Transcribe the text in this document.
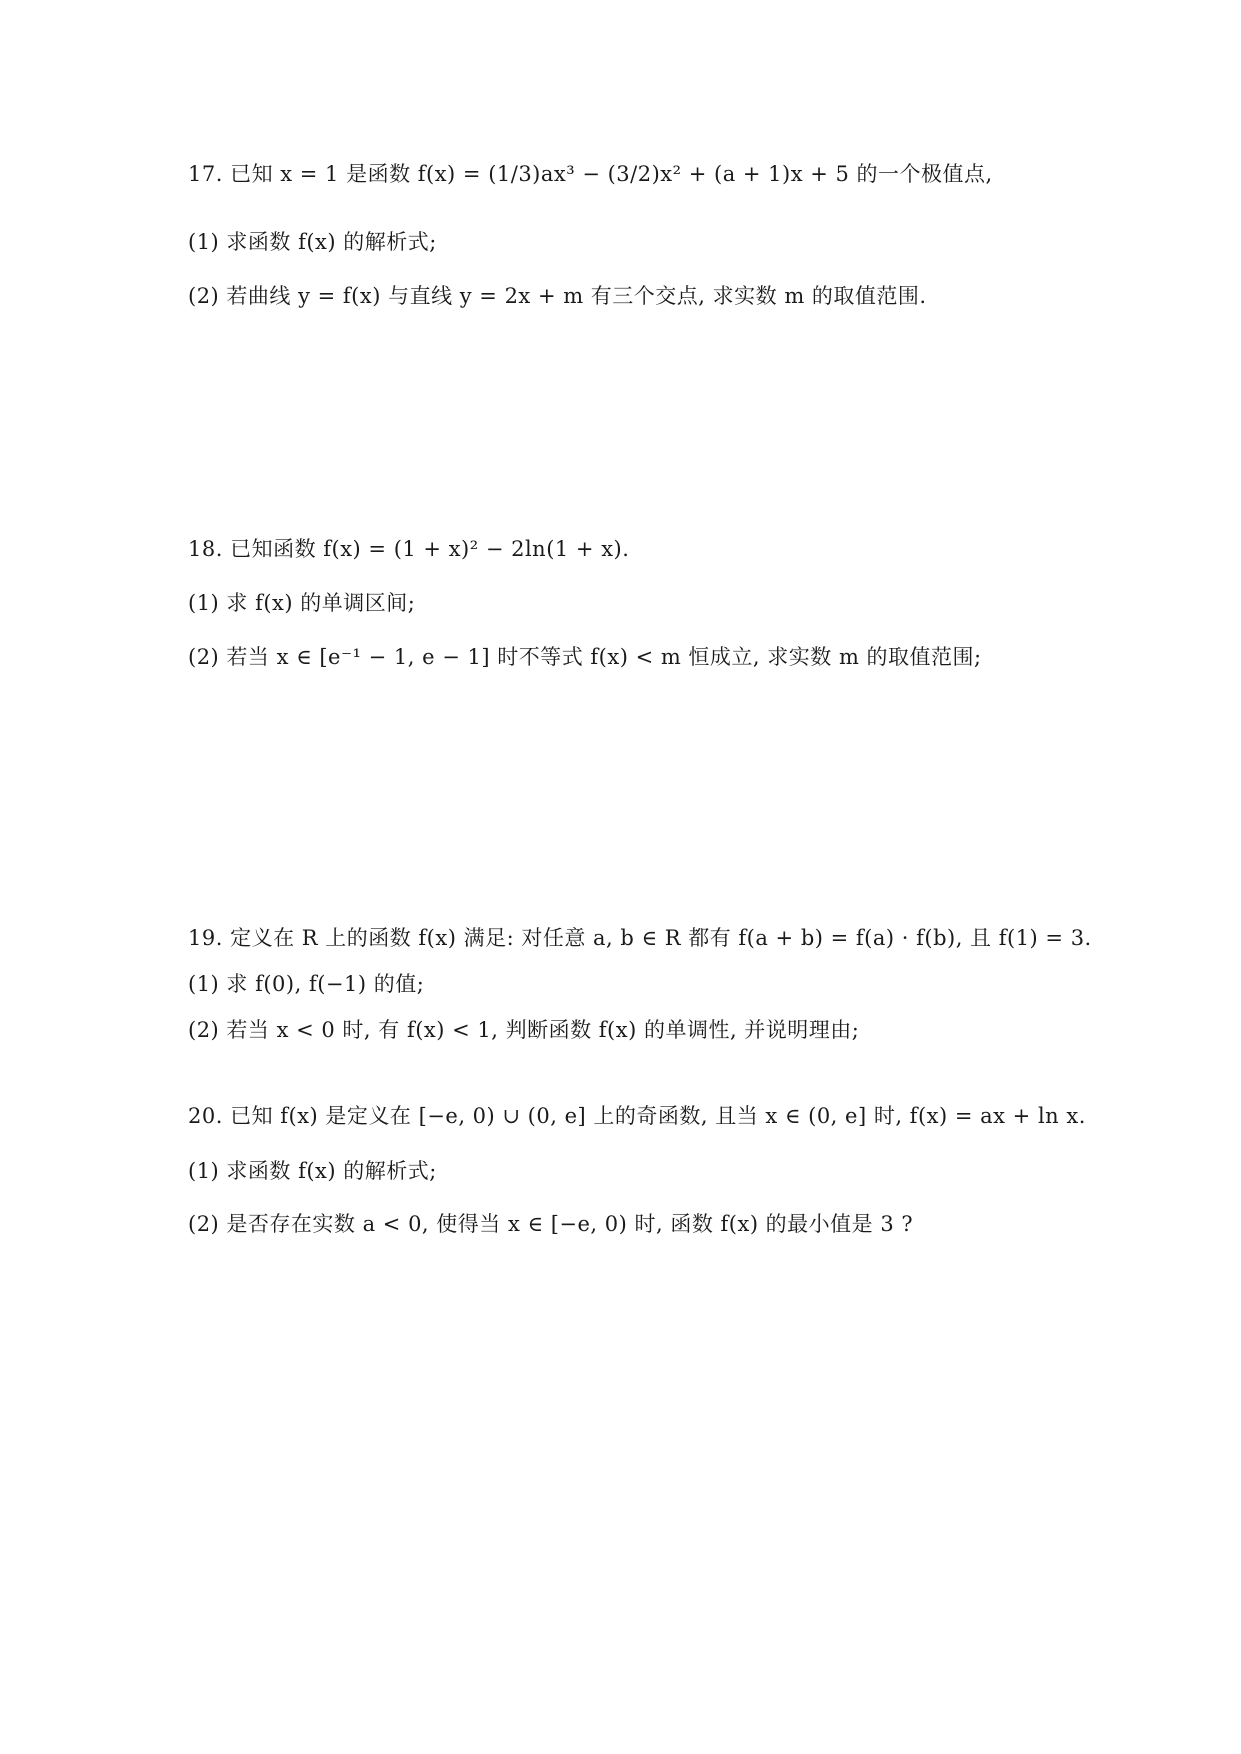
17. 已知 x = 1 是函数 f(x) = (1/3)ax³ − (3/2)x² + (a + 1)x + 5 的一个极值点,
(1) 求函数 f(x) 的解析式;
(2) 若曲线 y = f(x) 与直线 y = 2x + m 有三个交点, 求实数 m 的取值范围.
18. 已知函数 f(x) = (1 + x)² − 2ln(1 + x).
(1) 求 f(x) 的单调区间;
(2) 若当 x ∈ [e⁻¹ − 1, e − 1] 时不等式 f(x) < m 恒成立, 求实数 m 的取值范围;
19. 定义在 R 上的函数 f(x) 满足: 对任意 a, b ∈ R 都有 f(a + b) = f(a) · f(b), 且 f(1) = 3.
(1) 求 f(0), f(−1) 的值;
(2) 若当 x < 0 时, 有 f(x) < 1, 判断函数 f(x) 的单调性, 并说明理由;
20. 已知 f(x) 是定义在 [−e, 0) ∪ (0, e] 上的奇函数, 且当 x ∈ (0, e] 时, f(x) = ax + ln x.
(1) 求函数 f(x) 的解析式;
(2) 是否存在实数 a < 0, 使得当 x ∈ [−e, 0) 时, 函数 f(x) 的最小值是 3 ?
